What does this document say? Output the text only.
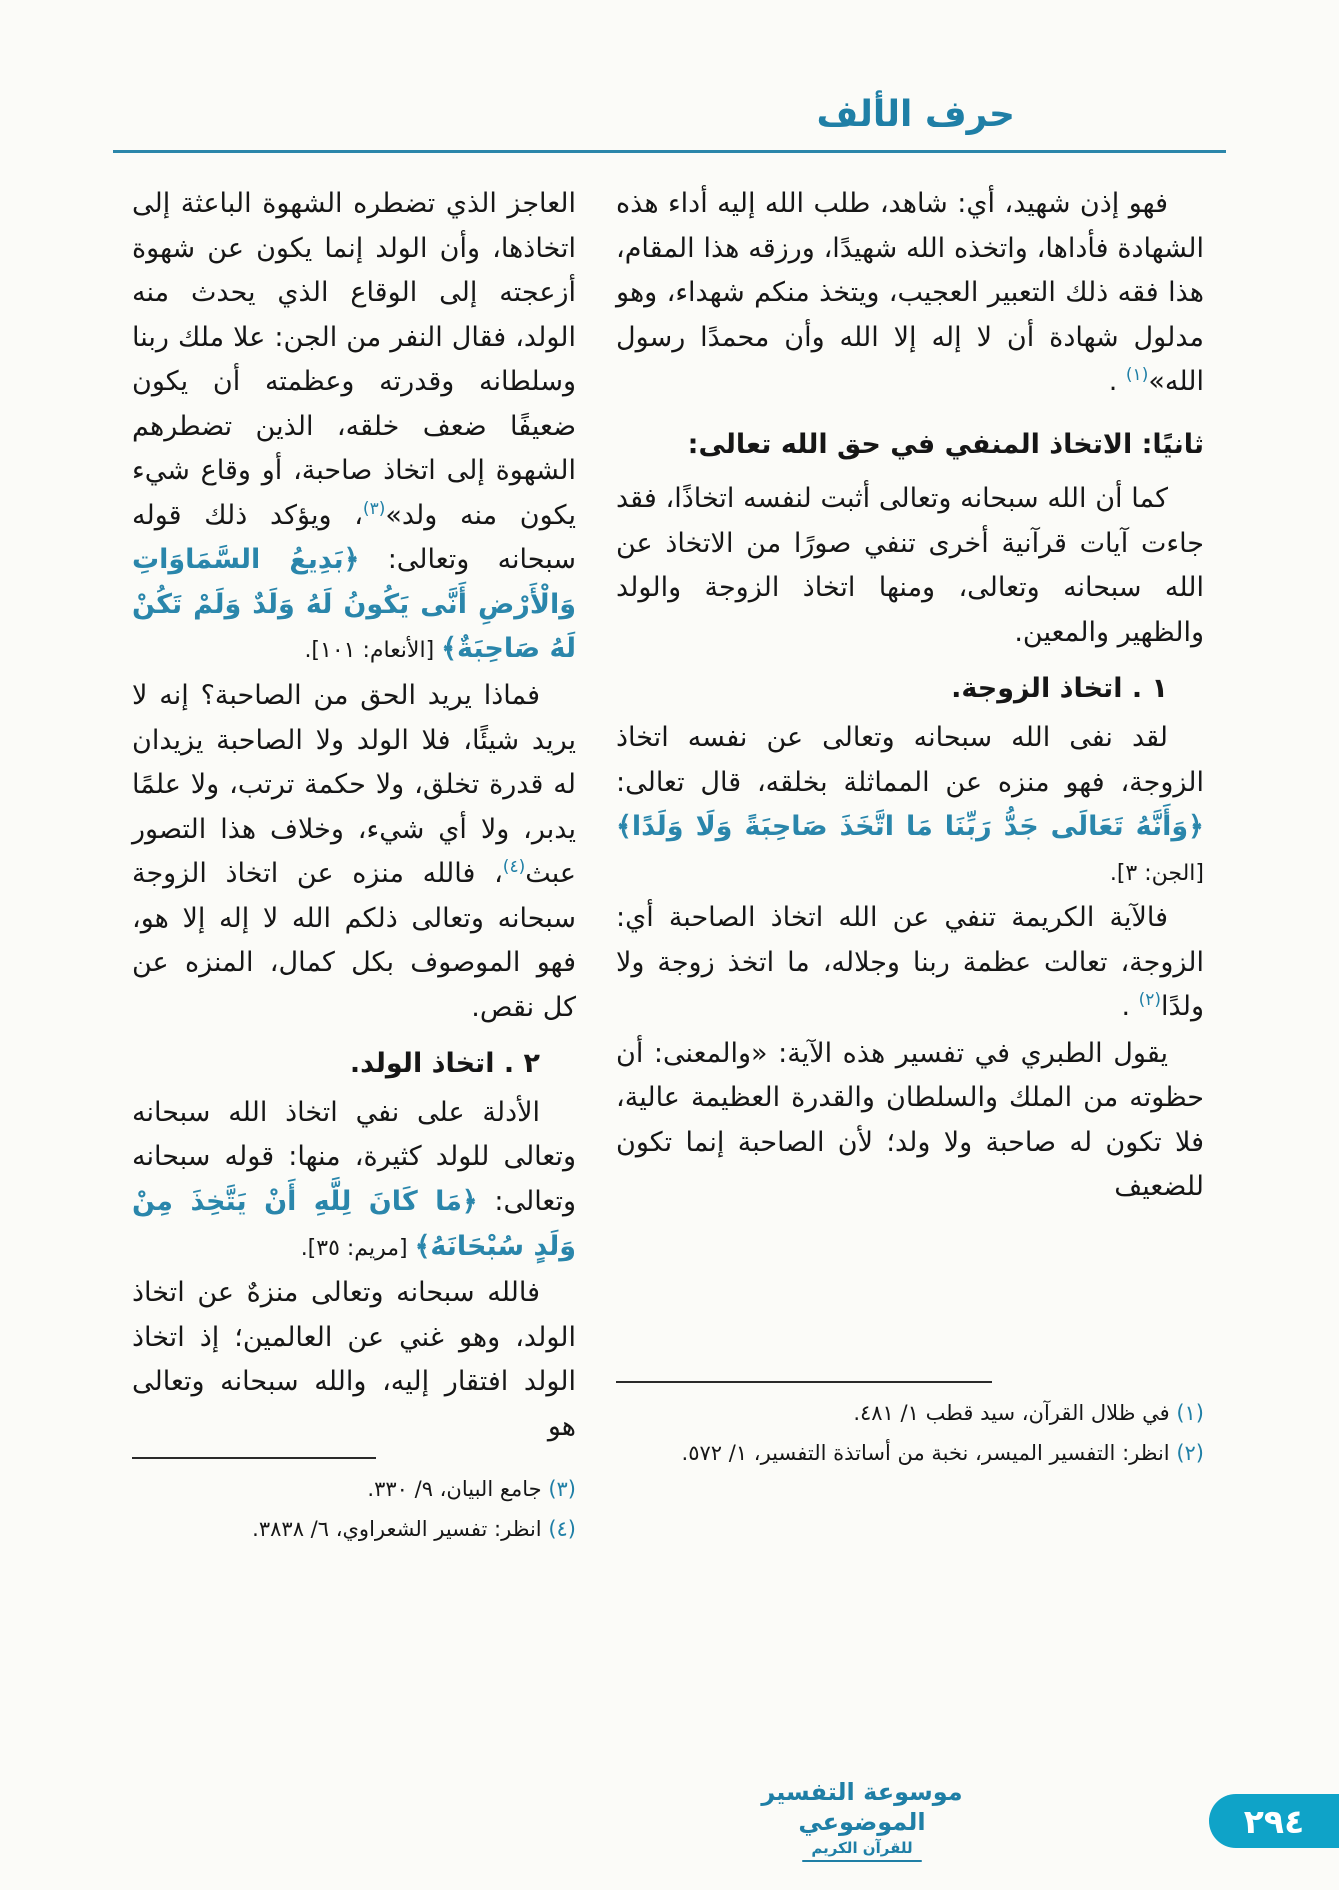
حرف الألف
فهو إذن شهيد، أي: شاهد، طلب الله إليه أداء هذه الشهادة فأداها، واتخذه الله شهيدًا، ورزقه هذا المقام، هذا فقه ذلك التعبير العجيب، ويتخذ منكم شهداء، وهو مدلول شهادة أن لا إله إلا الله وأن محمدًا رسول الله»$^{(١)}$ .
ثانيًا: الاتخاذ المنفي في حق الله تعالى:
كما أن الله سبحانه وتعالى أثبت لنفسه اتخاذًا، فقد جاءت آيات قرآنية أخرى تنفي صورًا من الاتخاذ عن الله سبحانه وتعالى، ومنها اتخاذ الزوجة والولد والظهير والمعين.
١ . اتخاذ الزوجة.
لقد نفى الله سبحانه وتعالى عن نفسه اتخاذ الزوجة، فهو منزه عن المماثلة بخلقه، قال تعالى: ﴿وَأَنَّهُ تَعَالَى جَدُّ رَبِّنَا مَا اتَّخَذَ صَاحِبَةً وَلَا وَلَدًا﴾ [الجن: ٣].
فالآية الكريمة تنفي عن الله اتخاذ الصاحبة أي: الزوجة، تعالت عظمة ربنا وجلاله، ما اتخذ زوجة ولا ولدًا$^{(٢)}$ .
يقول الطبري في تفسير هذه الآية: «والمعنى: أن حظوته من الملك والسلطان والقدرة العظيمة عالية، فلا تكون له صاحبة ولا ولد؛ لأن الصاحبة إنما تكون للضعيف
(١) في ظلال القرآن، سيد قطب ١/ ٤٨١.
(٢) انظر: التفسير الميسر، نخبة من أساتذة التفسير، ١/ ٥٧٢.
العاجز الذي تضطره الشهوة الباعثة إلى اتخاذها، وأن الولد إنما يكون عن شهوة أزعجته إلى الوقاع الذي يحدث منه الولد، فقال النفر من الجن: علا ملك ربنا وسلطانه وقدرته وعظمته أن يكون ضعيفًا ضعف خلقه، الذين تضطرهم الشهوة إلى اتخاذ صاحبة، أو وقاع شيء يكون منه ولد»$^{(٣)}$، ويؤكد ذلك قوله سبحانه وتعالى: ﴿بَدِيعُ السَّمَاوَاتِ وَالْأَرْضِ أَنَّى يَكُونُ لَهُ وَلَدٌ وَلَمْ تَكُنْ لَهُ صَاحِبَةٌ﴾ [الأنعام: ١٠١].
فماذا يريد الحق من الصاحبة؟ إنه لا يريد شيئًا، فلا الولد ولا الصاحبة يزيدان له قدرة تخلق، ولا حكمة ترتب، ولا علمًا يدبر، ولا أي شيء، وخلاف هذا التصور عبث$^{(٤)}$، فالله منزه عن اتخاذ الزوجة سبحانه وتعالى ذلكم الله لا إله إلا هو، فهو الموصوف بكل كمال، المنزه عن كل نقص.
٢ . اتخاذ الولد.
الأدلة على نفي اتخاذ الله سبحانه وتعالى للولد كثيرة، منها: قوله سبحانه وتعالى: ﴿مَا كَانَ لِلَّهِ أَنْ يَتَّخِذَ مِنْ وَلَدٍ سُبْحَانَهُ﴾ [مريم: ٣٥].
فالله سبحانه وتعالى منزهٌ عن اتخاذ الولد، وهو غني عن العالمين؛ إذ اتخاذ الولد افتقار إليه، والله سبحانه وتعالى هو
(٣) جامع البيان، ٩/ ٣٣٠.
(٤) انظر: تفسير الشعراوي، ٦/ ٣٨٣٨.
موسوعة التفسير الموضوعي
للقرآن الكريم
٢٩٤
